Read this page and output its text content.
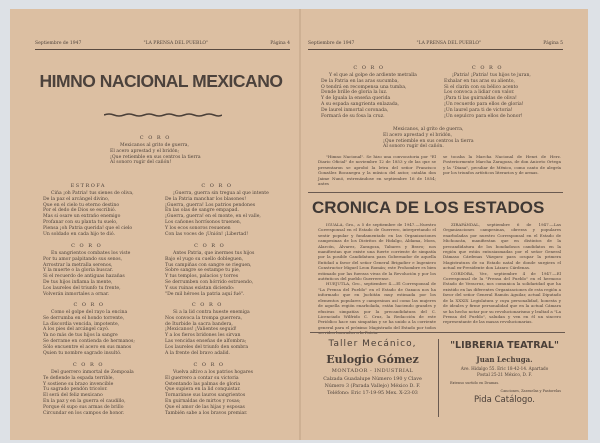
Septiembre de 1947	"LA PRENSA DEL PUEBLO"	Página 4
HIMNO NACIONAL MEXICANO
C O R O
Mexicanos al grito de guerra,
El acero aprestad y el bridón;
¡Que retiemble en sus centros la tierra
Al sonoro rugir del cañón!
ESTROFA
Ciña ¡oh Patria! tus sienes de oliva,
De la paz el arcángel divino,
Que en el cielo tu eterno destino
Por el dedo de Dios se escribió.
Mas si osare un extraño enemigo
Profanar con su planta tu suelo,
Piensa ¡oh Patria querida! que el cielo
Un soldado en cada hijo te dió.
C O R O
En sangrientos combates los viste
Por tu amor palpitando sus senos,
Arrostrar la metralla serenos,
Y la muerte o la gloria buscar.
Si el recuerdo de antiguas hazañas
De tus hijos inflama la mente,
Los laureles del triunfo tu frente,
Volverán inmortales a ornar.
C O R O
Como el golpe del rayo la encina
Se derrumba en el hondo torrente,
La discordia vencida, impotente,
A los pies del arcángel cayó.
Ya no más de tus hijos la sangre
Se derrame en contienda de hermanos;
Sólo encuentre el acero en sus manos
Quien tu nombre sagrado insultó.
C O R O
Del guerrero inmortal de Zempoala
Te defiende la espada terrible,
Y sostiene su brazo invencible
Tu sagrado pendón tricolor.
El será del feliz mexicano
En la paz y en la guerra el caudillo,
Porque él supo sus armas de brillo
Circundar en los campos de honor.
C O R O
¡Guerra, guerra sin tregua al que intente
De la Patria manchar los blasones!
¡Guerra, guerra! Los patrios pendones
En las olas de sangre empapad.
¡Guerra, guerra! en el monte, en el valle,
Los cañones horrísonos truenen,
Y los ecos sonoros resuenen
Con las voces de ¡Unión! ¡Libertad!
C O R O
Antes Patria, que inermes tus hijos
Bajo el yugo su cuello dobleguen,
Tus campiñas con sangre se rieguen,
Sobre sangre se estampe tu pie,
Y tus templos, palacios y torres
Se derrumben con hórrido estruendo,
Y sus ruinas existan diciendo:
"De mil héroes la patria aquí fué".
C O R O
Si a la lid contra hueste enemiga
Nos convoca la trompa guerrera,
de Iturbide la sacra bandera,
¡Mexicanos! ¡Valientes seguid!
Y a los fieros bridones les sirvan
Las vencidas enseñas de alfombra;
Los laureles del triunfo den sombra
A la frente del bravo adalid.
C O R O
Vuelva altivo a los patrios hogares
El guerrero a contar su victoria
Ostentando las palmas de gloria
Que supiera en la lid conquistar.
Tornaránse sus lauros sangrientos
En guirnaldas de mirtos y rosas;
Que el amor de las hijas y esposas
También sabe a los bravos premiar.
Septiembre de 1947	"LA PRENSA DEL PUEBLO"	Página 5
C O R O
Y el que al golpe de ardiente metralla
De la Patria en las aras sucumba,
O tendrá en recompensa una tumba,
Donde brille de gloria la luz.
Y de Iguala la enseña querida
A su espada sangrienta enlazada,
De laurel inmortal coronada,
Formará de su fosa la cruz.
C O R O
¡Patria! ¡Patria! tus hijos te juran,
Exhalar en tus aras su aliento,
Si el clarín con su bélico acento
Los convoca a lidiar con valor.
¡Para ti las guirnaldas de oliva!
¡Un recuerdo para ellos de gloria!
¡Un laurel para ti de victoria!
¡Un sepulcro para ellos de honor!
Mexicanos, al grito de guerra,
El acero aprestad y el bridón,
¡Que retiemble en sus centros la tierra
Al sonoro rugir del cañón.
"Himno Nacional". Se hizo una convocatoria por "El Diario Oficial" de noviembre 12 de 1853 y de las que se presentaron se aprobó la letra del señor Francisco González Bocanegra y la música del autor, catalán don Jaime Nunó, estrenándose en septiembre 16 de 1854; antes
se tocaba la Marcha Nacional de Henri de Herz. Posteriormente Marcha Zaragoza, de don Aniceto Ortega y la "Diana", peculiar de México, como canto de alegría por los triunfos artísticos literarios y de armas.
CRONICA DE LOS ESTADOS

IGUALA, Gro., a 5 de septiembre de 1947.—Nuestro Corresponsal en el Estado de Guerrero, interpretando el sentir popular y fundamentado en las Organizaciones campesinas de los Distritos de Hidalgo, Aldama, Mora, Alarcón, Álvarez, Zaragoza, Tabares y Bravo; nos manifiestan que existe una fuerte corriente de simpatía por la posible Candidatura para Gobernador de aquella Entidad a favor del señor General Brigadier e Ingeniero Constructor Miguel Leon Román; este Prohombre es bien estimado por las fuerzas vivas de la Revolución y por los auténticos del pueblo Guerrerense.

HUEJUTLA, Gro., septiembre 4.—El Corresponsal de "La Prensa del Pueblo" en el Estado de Oaxaca nos ha informado que en Juchitán muy estimada por los elementos populares y campesinos así como las mujeres de aquella región enarbolada, están haciendo grandes y efusivas simpatías por la precandidatura del C. Licenciado Wilfrido C. Cruz, la Redacción de este Periódico hace sus simpatías y se ha unido a la corriente general para el próximo Magistrado del Estado por todos

ZIRAPÁNDAL, septiembre 6 de 1947.—Las Organizaciones campesinas, obreras y populares enarboladas por nuestro Corresponsal en el Estado de Michoacán, manifiestan que en distintos de la precandidatura de los bondadosos candidatos en la región que están entusiasmadas por el señor General Dámaso Cárdenas Vázquez para ocupar la primera Magistratura de su Estado natal de donde surgiera el actual ex-Presidente don Lázaro Cárdenas.

CORDOBA, Ver., septiembre 4 de 1947.—El Corresponsal de la "Prensa del Pueblo" en el hermoso Estado de Veracruz, nos comunica la solidaridad que ha existido en las diferentes Organizaciones de esta región a favor del señor General Ramón Aguilar, actual Diputado de la XXXIX Legislatura y cuya personalidad, honesta y de ideales y firme personalidad que en la actual Cámara se ha hecho notar por su revolucionarismo y lealtad a "La Prensa del Pueblo", saludan y ven en él un sincero representante de las masas revolucionarias.

Taller Mecánico,
Eulogio Gómez
MONTADOR - INDUSTRIAL
Calzada Guadalupe Número 190 y Clave
Número 3 (Parada Vallejo) México D. F.
Teléfono: Eric 17-19-95 Mex. X-23-03
"LIBRERIA TEATRAL"
Juan Lechuga.
Ave. Hidalgo 55. Eric 18-42-14. Apartado
Postal 25-21 México, D. F.
Extenso surtido en Dramas.
Canciones, Zarzuelas y Pastorelas
Pida Catálogo.
